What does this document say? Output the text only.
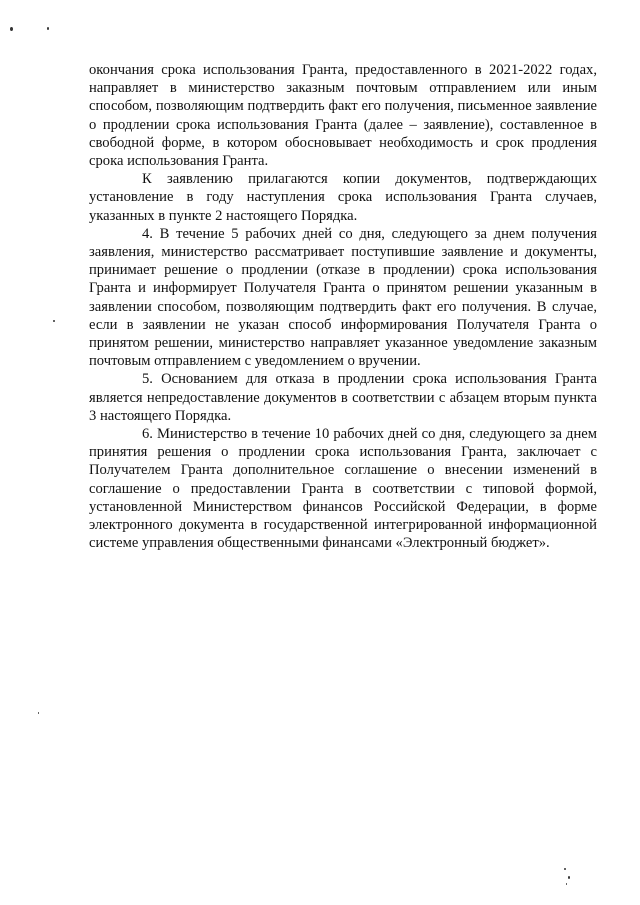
окончания срока использования Гранта, предоставленного в 2021-2022 годах, направляет в министерство заказным почтовым отправлением или иным способом, позволяющим подтвердить факт его получения, письменное заявление о продлении срока использования Гранта (далее – заявление), составленное в свободной форме, в котором обосновывает необходимость и срок продления срока использования Гранта.

К заявлению прилагаются копии документов, подтверждающих установление в году наступления срока использования Гранта случаев, указанных в пункте 2 настоящего Порядка.

4. В течение 5 рабочих дней со дня, следующего за днем получения заявления, министерство рассматривает поступившие заявление и документы, принимает решение о продлении (отказе в продлении) срока использования Гранта и информирует Получателя Гранта о принятом решении указанным в заявлении способом, позволяющим подтвердить факт его получения. В случае, если в заявлении не указан способ информирования Получателя Гранта о принятом решении, министерство направляет указанное уведомление заказным почтовым отправлением с уведомлением о вручении.

5. Основанием для отказа в продлении срока использования Гранта является непредоставление документов в соответствии с абзацем вторым пункта 3 настоящего Порядка.

6. Министерство в течение 10 рабочих дней со дня, следующего за днем принятия решения о продлении срока использования Гранта, заключает с Получателем Гранта дополнительное соглашение о внесении изменений в соглашение о предоставлении Гранта в соответствии с типовой формой, установленной Министерством финансов Российской Федерации, в форме электронного документа в государственной интегрированной информационной системе управления общественными финансами «Электронный бюджет».
